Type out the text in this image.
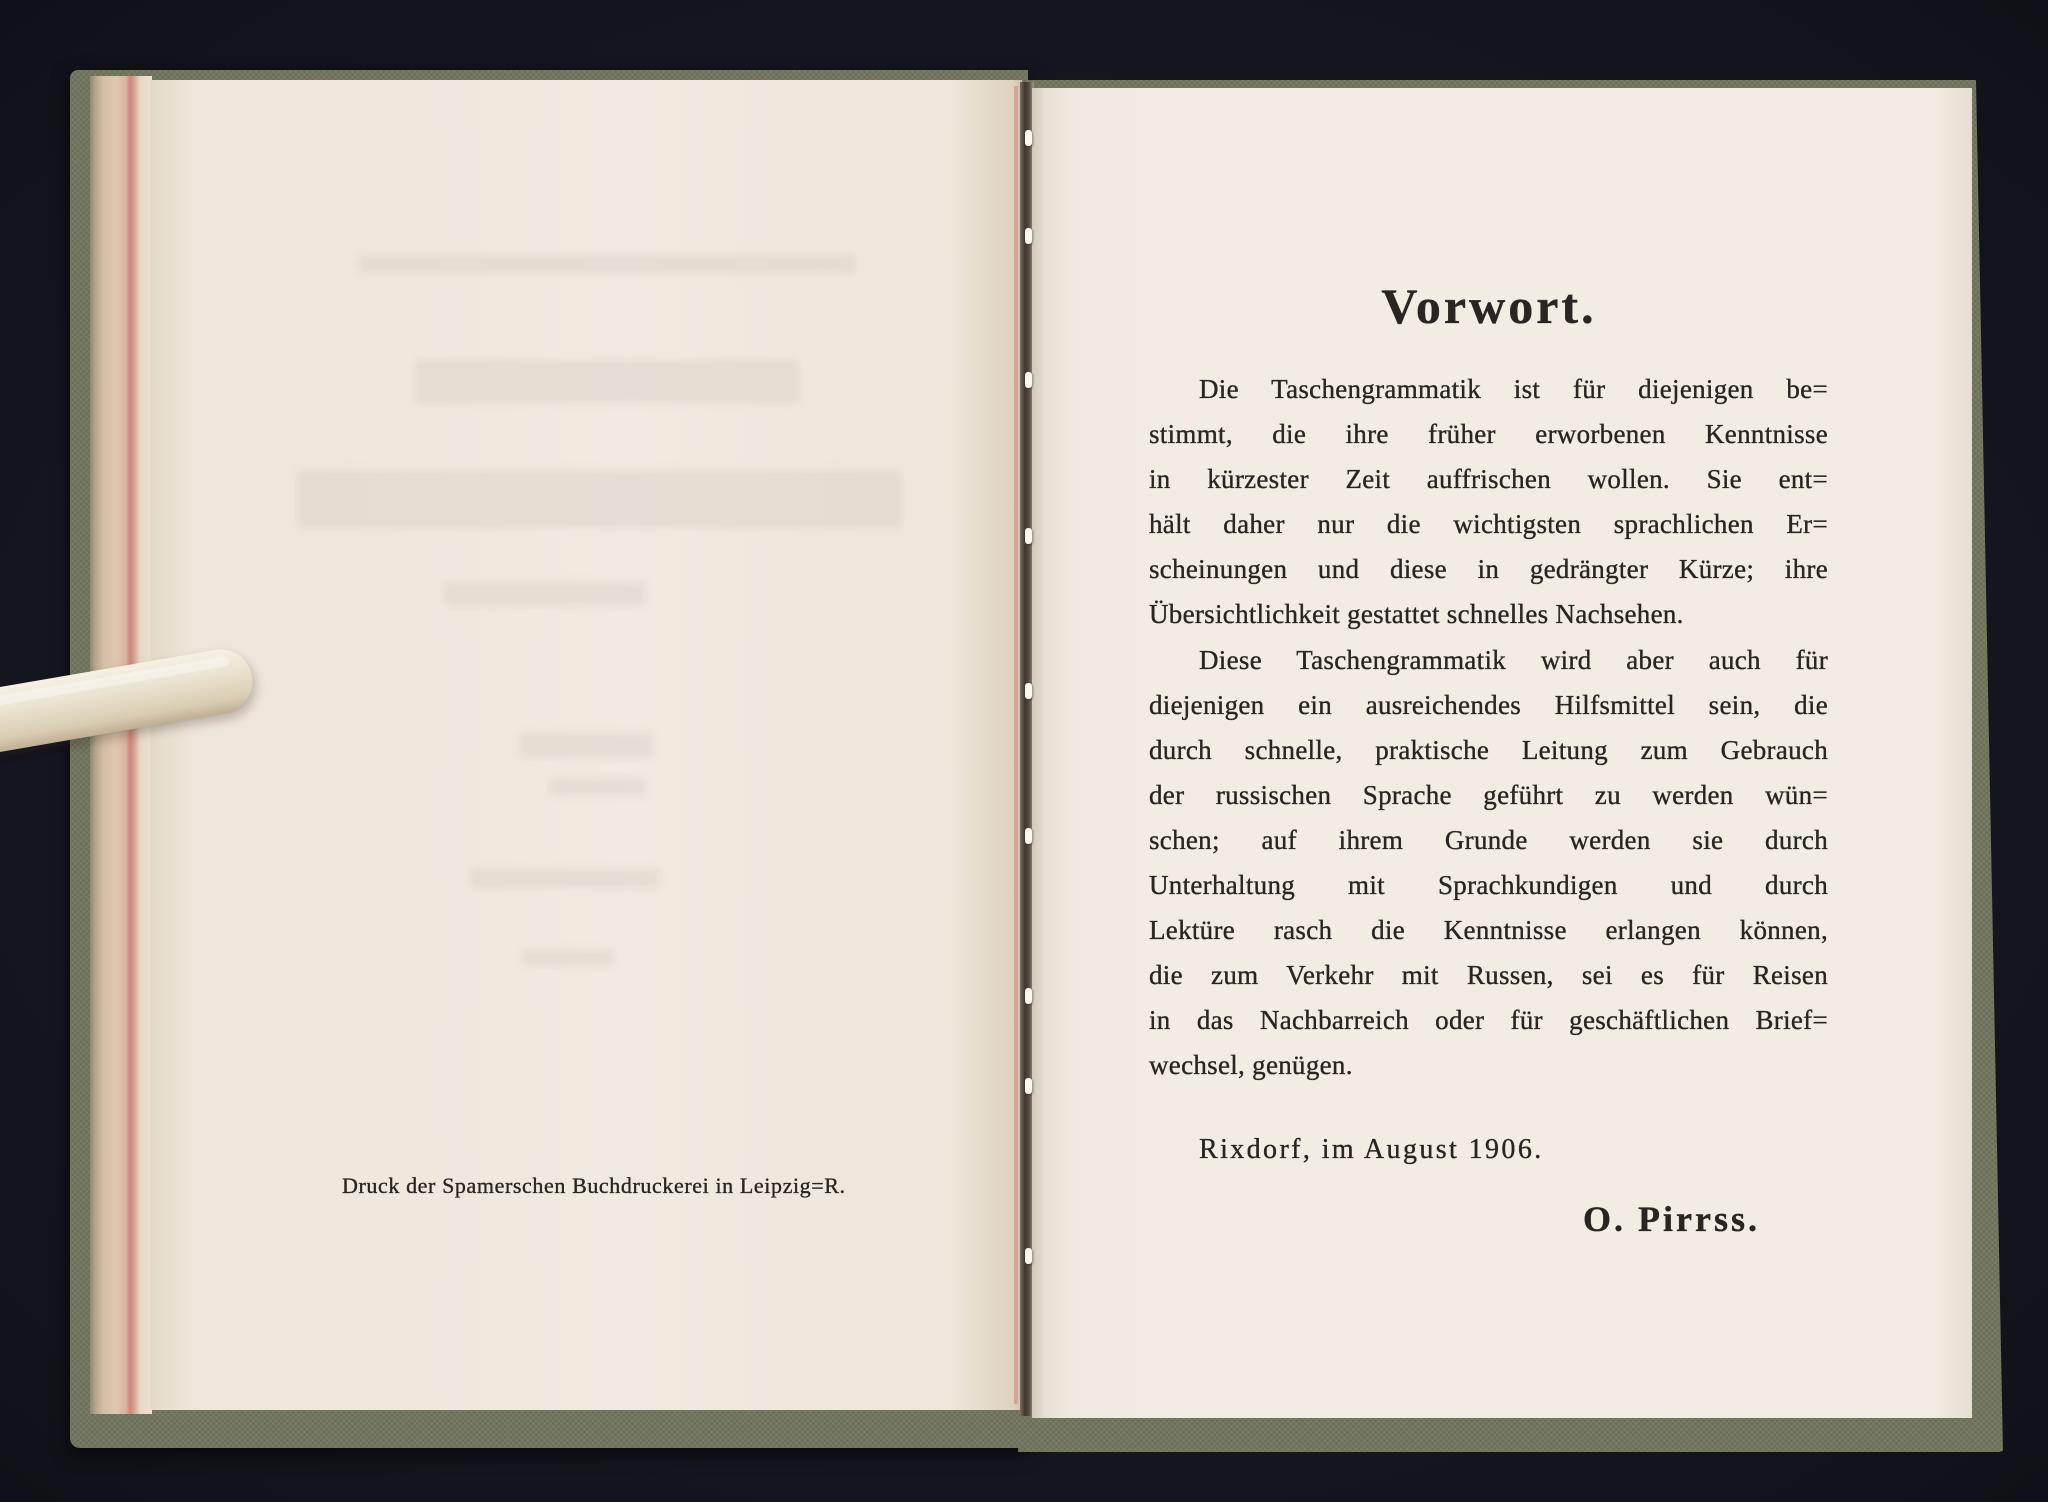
Druck der Spamerschen Buchdruckerei in Leipzig=R.
Vorwort.
Die Taschengrammatik ist für diejenigen be=
stimmt, die ihre früher erworbenen Kenntnisse
in kürzester Zeit auffrischen wollen. Sie ent=
hält daher nur die wichtigsten sprachlichen Er=
scheinungen und diese in gedrängter Kürze; ihre
Übersichtlichkeit gestattet schnelles Nachsehen.
Diese Taschengrammatik wird aber auch für
diejenigen ein ausreichendes Hilfsmittel sein, die
durch schnelle, praktische Leitung zum Gebrauch
der russischen Sprache geführt zu werden wün=
schen; auf ihrem Grunde werden sie durch
Unterhaltung mit Sprachkundigen und durch
Lektüre rasch die Kenntnisse erlangen können,
die zum Verkehr mit Russen, sei es für Reisen
in das Nachbarreich oder für geschäftlichen Brief=
wechsel, genügen.
Rixdorf, im August 1906.
O. Pirrss.
